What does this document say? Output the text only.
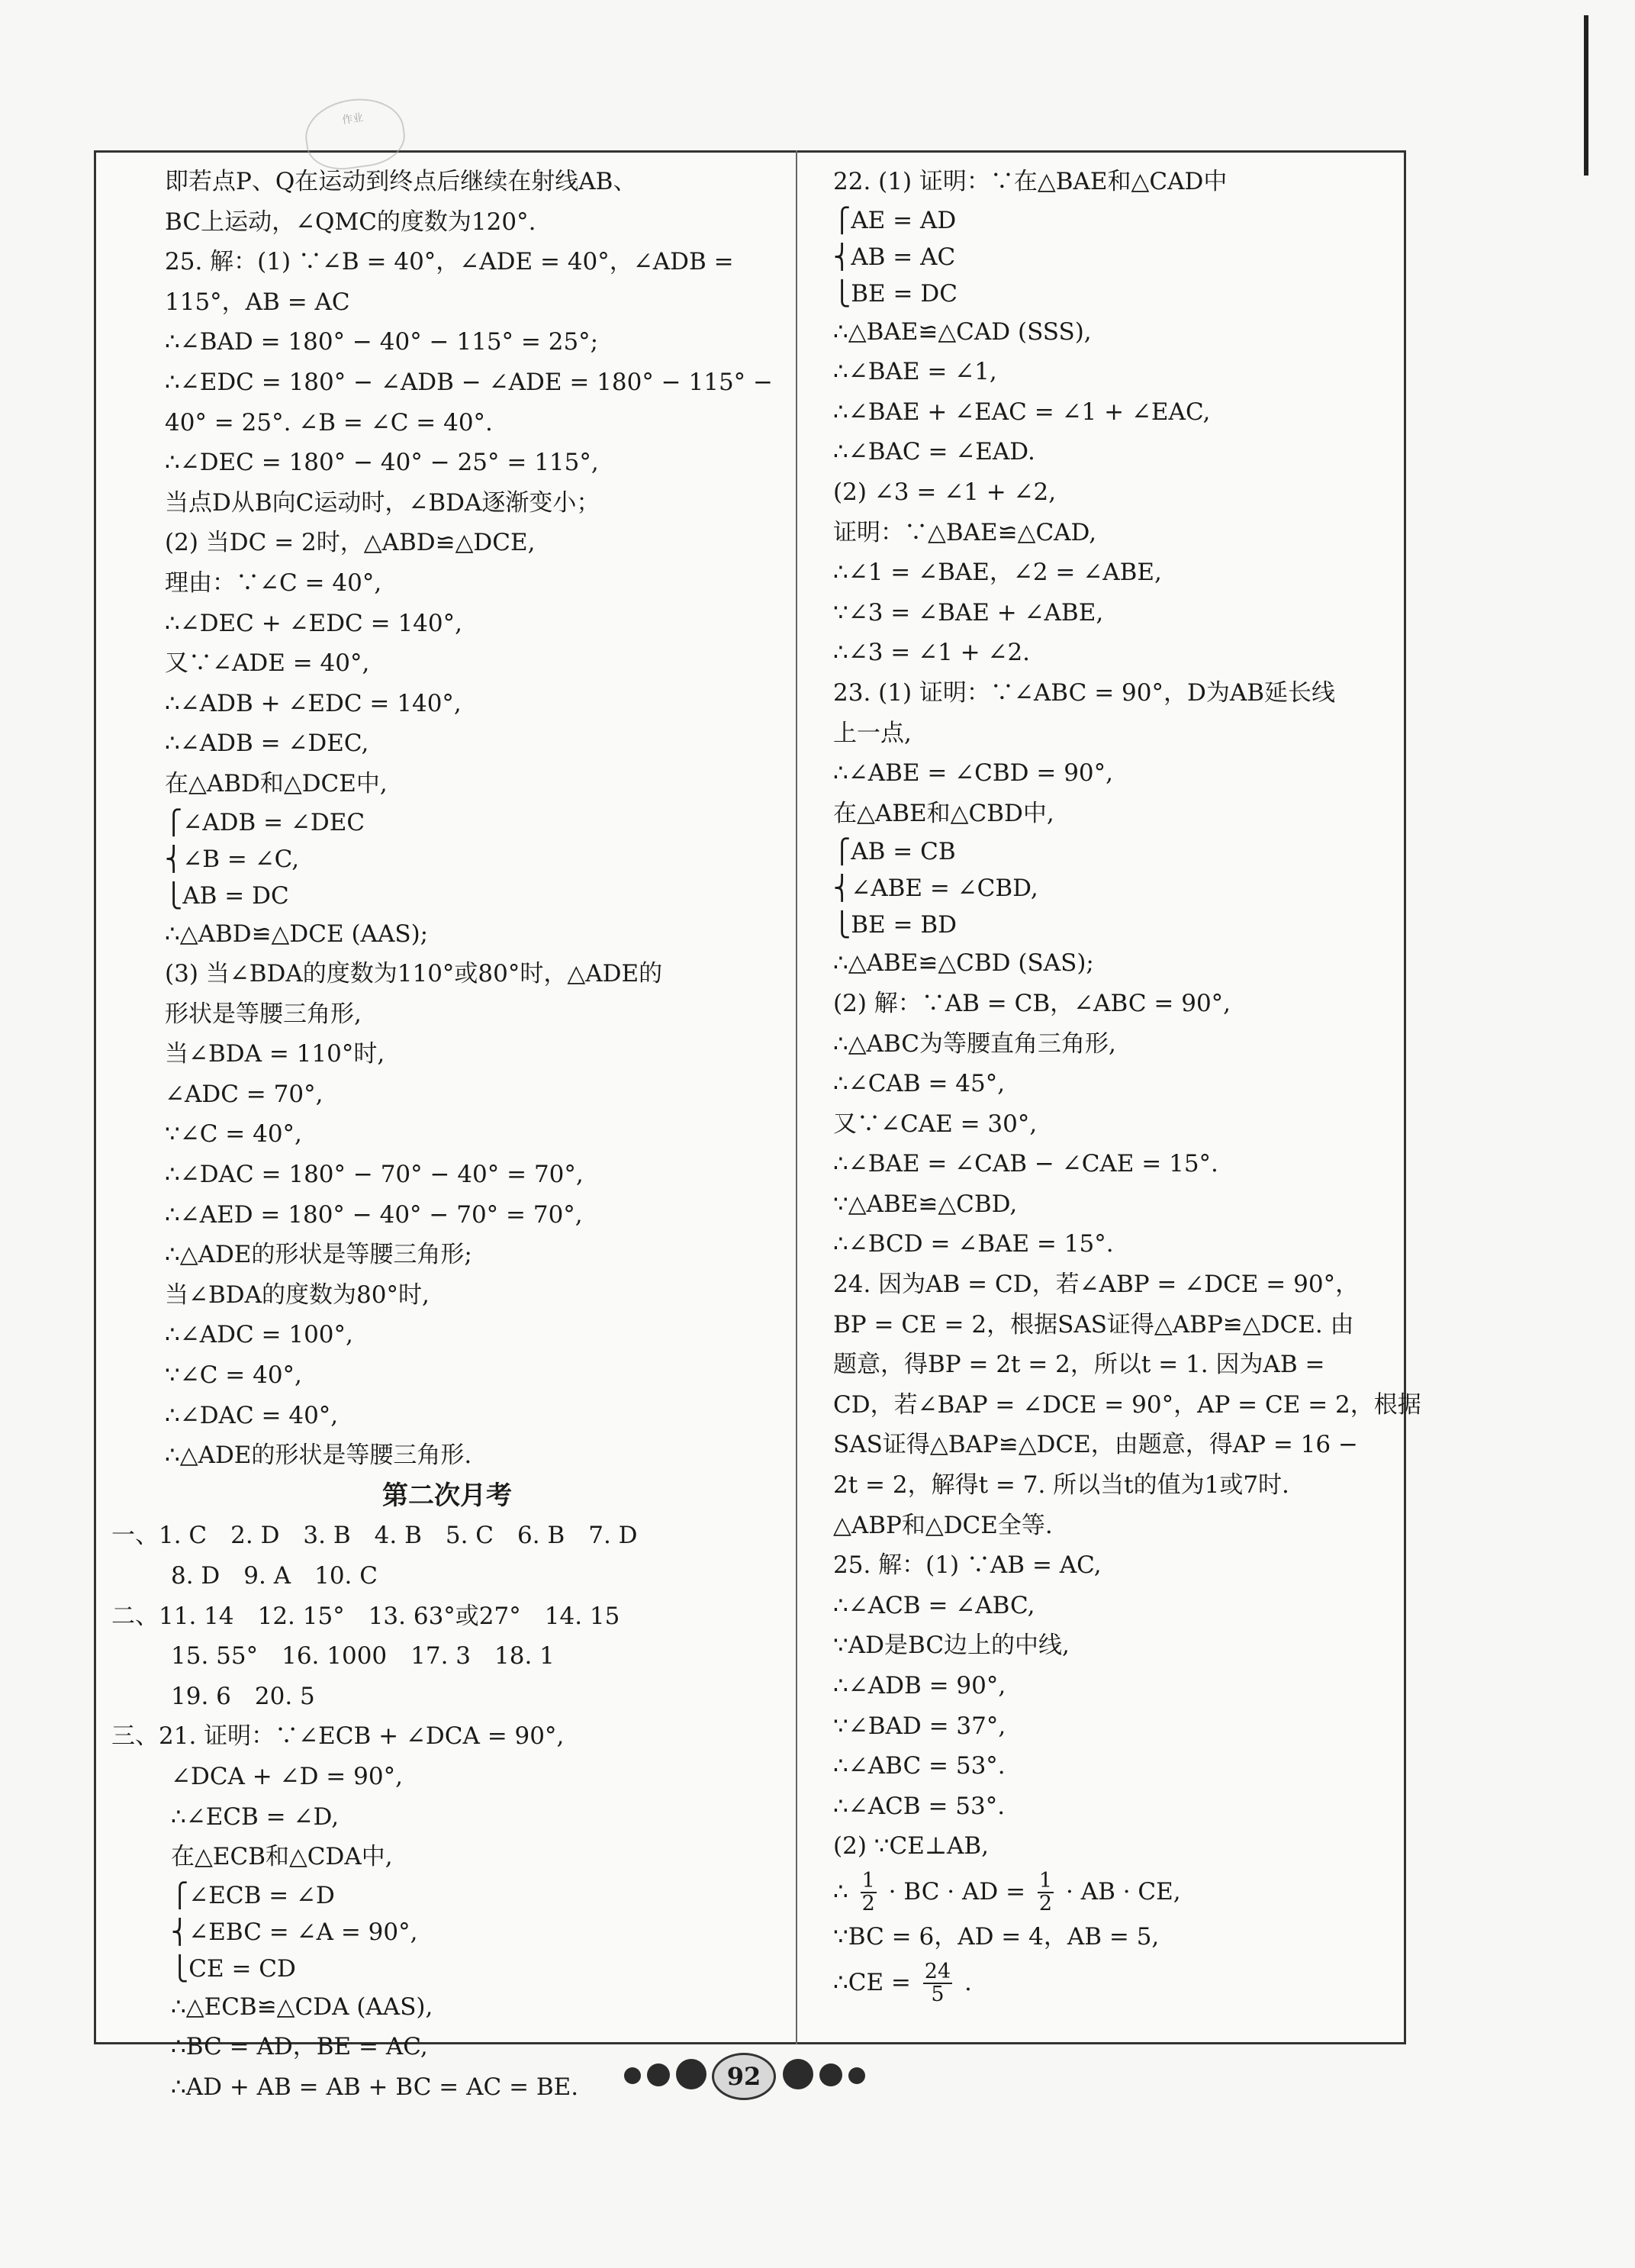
作业
即若点P、Q在运动到终点后继续在射线AB、
BC上运动，∠QMC的度数为120°.
25. 解：(1) ∵∠B = 40°，∠ADE = 40°，∠ADB =
115°，AB = AC
∴∠BAD = 180° − 40° − 115° = 25°;
∴∠EDC = 180° − ∠ADB − ∠ADE = 180° − 115° −
40° = 25°. ∠B = ∠C = 40°.
∴∠DEC = 180° − 40° − 25° = 115°,
当点D从B向C运动时，∠BDA逐渐变小；
(2) 当DC = 2时，△ABD≌△DCE,
理由：∵∠C = 40°,
∴∠DEC + ∠EDC = 140°,
又∵∠ADE = 40°,
∴∠ADB + ∠EDC = 140°,
∴∠ADB = ∠DEC,
在△ABD和△DCE中,
⎧∠ADB = ∠DEC
⎨∠B = ∠C,
⎩AB = DC
∴△ABD≌△DCE (AAS);
(3) 当∠BDA的度数为110°或80°时，△ADE的
形状是等腰三角形,
当∠BDA = 110°时,
∠ADC = 70°,
∵∠C = 40°,
∴∠DAC = 180° − 70° − 40° = 70°,
∴∠AED = 180° − 40° − 70° = 70°,
∴△ADE的形状是等腰三角形;
当∠BDA的度数为80°时,
∴∠ADC = 100°,
∵∠C = 40°,
∴∠DAC = 40°,
∴△ADE的形状是等腰三角形.
第二次月考
一、1. C　2. D　3. B　4. B　5. C　6. B　7. D
8. D　9. A　10. C
二、11. 14　12. 15°　13. 63°或27°　14. 15
15. 55°　16. 1000　17. 3　18. 1
19. 6　20. 5
三、21. 证明：∵∠ECB + ∠DCA = 90°,
∠DCA + ∠D = 90°,
∴∠ECB = ∠D,
在△ECB和△CDA中,
⎧∠ECB = ∠D
⎨∠EBC = ∠A = 90°,
⎩CE = CD
∴△ECB≌△CDA (AAS),
∴BC = AD，BE = AC,
∴AD + AB = AB + BC = AC = BE.
22. (1) 证明：∵在△BAE和△CAD中
⎧AE = AD
⎨AB = AC
⎩BE = DC
∴△BAE≌△CAD (SSS),
∴∠BAE = ∠1,
∴∠BAE + ∠EAC = ∠1 + ∠EAC,
∴∠BAC = ∠EAD.
(2) ∠3 = ∠1 + ∠2,
证明：∵△BAE≌△CAD,
∴∠1 = ∠BAE，∠2 = ∠ABE,
∵∠3 = ∠BAE + ∠ABE,
∴∠3 = ∠1 + ∠2.
23. (1) 证明：∵∠ABC = 90°，D为AB延长线
上一点,
∴∠ABE = ∠CBD = 90°,
在△ABE和△CBD中,
⎧AB = CB
⎨∠ABE = ∠CBD,
⎩BE = BD
∴△ABE≌△CBD (SAS);
(2) 解：∵AB = CB，∠ABC = 90°,
∴△ABC为等腰直角三角形,
∴∠CAB = 45°,
又∵∠CAE = 30°,
∴∠BAE = ∠CAB − ∠CAE = 15°.
∵△ABE≌△CBD,
∴∠BCD = ∠BAE = 15°.
24. 因为AB = CD，若∠ABP = ∠DCE = 90°，
BP = CE = 2，根据SAS证得△ABP≌△DCE. 由
题意，得BP = 2t = 2，所以t = 1. 因为AB =
CD，若∠BAP = ∠DCE = 90°，AP = CE = 2，根据
SAS证得△BAP≌△DCE，由题意，得AP = 16 −
2t = 2，解得t = 7. 所以当t的值为1或7时.
△ABP和△DCE全等.
25. 解：(1) ∵AB = AC,
∴∠ACB = ∠ABC,
∵AD是BC边上的中线,
∴∠ADB = 90°,
∵∠BAD = 37°,
∴∠ABC = 53°.
∴∠ACB = 53°.
(2) ∵CE⊥AB,
∴ $\frac{1}{2}$ · BC · AD = $\frac{1}{2}$ · AB · CE,
∵BC = 6，AD = 4，AB = 5,
∴CE = $\frac{24}{5}$ .
92
